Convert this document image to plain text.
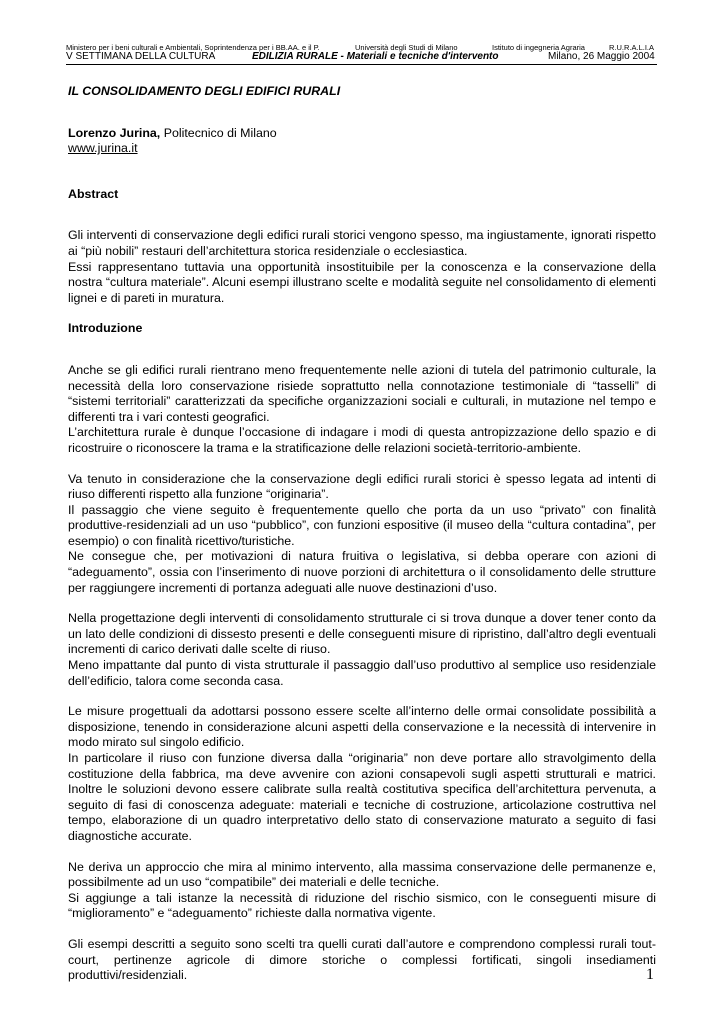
Ministero per i beni culturali e Ambientali, Soprintendenza per i BB.AA. e il P.	Università degli Studi di Milano	Istituto di ingegneria Agraria	R.U.R.A.L.I.A
V SETTIMANA DELLA CULTURA	EDILIZIA RURALE - Materiali e tecniche d'intervento	Milano, 26 Maggio 2004

IL CONSOLIDAMENTO DEGLI EDIFICI RURALI

Lorenzo Jurina, Politecnico di Milano

www.jurina.it

Abstract

Gli interventi di conservazione degli edifici rurali storici vengono spesso, ma ingiustamente, ignorati rispetto ai “più nobili” restauri dell’architettura storica residenziale o ecclesiastica.

Essi rappresentano tuttavia una opportunità insostituibile per la conoscenza e la conservazione della nostra “cultura materiale”. Alcuni esempi illustrano scelte e modalità seguite nel consolidamento di elementi lignei e di pareti in muratura.

Introduzione

Anche se gli edifici rurali rientrano meno frequentemente nelle azioni di tutela del patrimonio culturale, la necessità della loro conservazione risiede soprattutto nella connotazione testimoniale di “tasselli” di “sistemi territoriali” caratterizzati da specifiche organizzazioni sociali e culturali, in mutazione nel tempo e differenti tra i vari contesti geografici.

L’architettura rurale è dunque l’occasione di indagare i modi di questa antropizzazione dello spazio e di ricostruire o riconoscere la trama e la stratificazione delle relazioni società-territorio-ambiente.

Va tenuto in considerazione che la conservazione degli edifici rurali storici è spesso legata ad intenti di riuso differenti rispetto alla funzione “originaria”.

Il passaggio che viene seguito è frequentemente quello che porta da un uso “privato” con finalità produttive-residenziali ad un uso “pubblico”, con funzioni espositive (il museo della “cultura contadina”, per esempio) o con finalità ricettivo/turistiche.

Ne consegue che, per motivazioni di natura fruitiva o legislativa, si debba operare con azioni di “adeguamento”, ossia con l’inserimento di nuove porzioni di architettura o il consolidamento delle strutture per raggiungere incrementi di portanza adeguati alle nuove destinazioni d’uso.

Nella progettazione degli interventi di consolidamento strutturale ci si trova dunque a dover tener conto da un lato delle condizioni di dissesto presenti e delle conseguenti misure di ripristino, dall’altro degli eventuali incrementi di carico derivati dalle scelte di riuso.

Meno impattante dal punto di vista strutturale il passaggio dall’uso produttivo al semplice uso residenziale dell’edificio, talora come seconda casa.

Le misure progettuali da adottarsi possono essere scelte all’interno delle ormai consolidate possibilità a disposizione, tenendo in considerazione alcuni aspetti della conservazione e la necessità di intervenire in modo mirato sul singolo edificio.

In particolare il riuso con funzione diversa dalla “originaria” non deve portare allo stravolgimento della costituzione della fabbrica, ma deve avvenire con azioni consapevoli sugli aspetti strutturali e matrici. Inoltre le soluzioni devono essere calibrate sulla realtà costitutiva specifica dell’architettura pervenuta, a seguito di fasi di conoscenza adeguate: materiali e tecniche di costruzione, articolazione costruttiva nel tempo, elaborazione di un quadro interpretativo dello stato di conservazione maturato a seguito di fasi diagnostiche accurate.

Ne deriva un approccio che mira al minimo intervento, alla massima conservazione delle permanenze e, possibilmente ad un uso “compatibile” dei materiali e delle tecniche.

Si aggiunge a tali istanze la necessità di riduzione del rischio sismico, con le conseguenti misure di “miglioramento” e “adeguamento” richieste dalla normativa vigente.

Gli esempi descritti a seguito sono scelti tra quelli curati dall’autore e comprendono complessi rurali tout-court, pertinenze agricole di dimore storiche o complessi fortificati, singoli insediamenti produttivi/residenziali.	1
